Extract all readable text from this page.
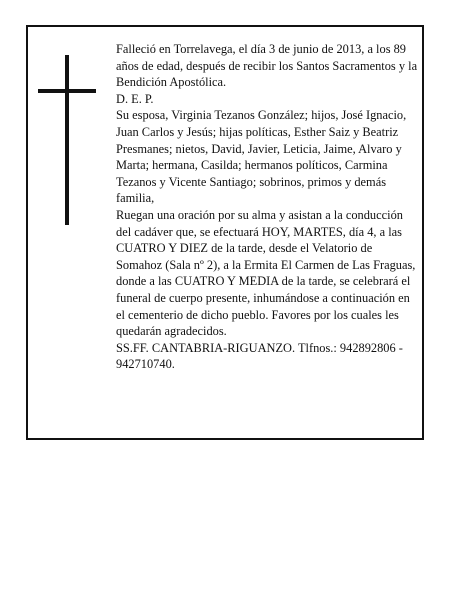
Falleció en Torrelavega, el día 3 de junio de 2013, a los 89 años de edad, después de recibir los Santos Sacramentos y la Bendición Apostólica.

D. E. P.

Su esposa, Virginia Tezanos González; hijos, José Ignacio, Juan Carlos y Jesús; hijas políticas, Esther Saiz y Beatriz Presmanes; nietos, David, Javier, Leticia, Jaime, Alvaro y Marta; hermana, Casilda; hermanos políticos, Carmina Tezanos y Vicente Santiago; sobrinos, primos y demás familia,

Ruegan una oración por su alma y asistan a la conducción del cadáver que, se efectuará HOY, MARTES, día 4, a las CUATRO Y DIEZ de la tarde, desde el Velatorio de Somahoz (Sala nº 2), a la Ermita El Carmen de Las Fraguas, donde a las CUATRO Y MEDIA de la tarde, se celebrará el funeral de cuerpo presente, inhumándose a continuación en el cementerio de dicho pueblo. Favores por los cuales les quedarán agradecidos.

SS.FF. CANTABRIA-RIGUANZO. Tlfnos.: 942892806 - 942710740.
